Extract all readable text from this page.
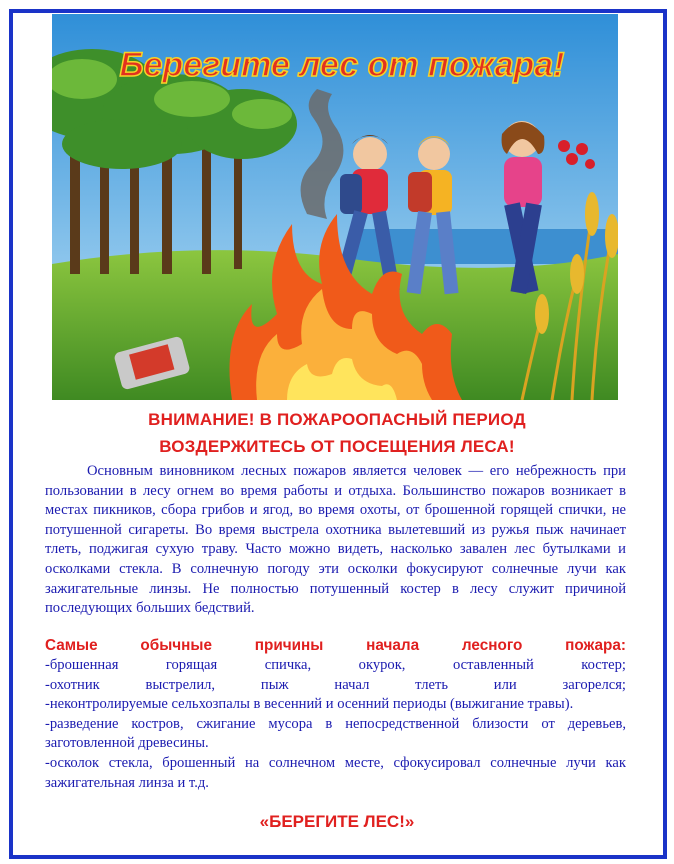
Берегите лес от пожара!
ВНИМАНИЕ! В ПОЖАРООПАСНЫЙ ПЕРИОД
ВОЗДЕРЖИТЕСЬ ОТ ПОСЕЩЕНИЯ ЛЕСА!
Основным виновником лесных пожаров является человек — его небрежность при пользовании в лесу огнем во время работы и отдыха. Большинство пожаров возникает в местах пикников, сбора грибов и ягод, во время охоты, от брошенной горящей спички, не потушенной сигареты. Во время выстрела охотника вылетевший из ружья пыж начинает тлеть, поджигая сухую траву. Часто можно видеть, насколько завален лес бутылками и осколками стекла. В солнечную погоду эти осколки фокусируют солнечные лучи как зажигательные линзы. Не полностью потушенный костер в лесу служит причиной последующих больших бедствий.
Самые обычные причины начала лесного пожара:
-брошенная горящая спичка, окурок, оставленный костер;
-охотник выстрелил, пыж начал тлеть или загорелся;
-неконтролируемые сельхозпалы в весенний и осенний периоды (выжигание травы).
-разведение костров, сжигание мусора в непосредственной близости от деревьев, заготовленной древесины.
-осколок стекла, брошенный на солнечном месте, сфокусировал солнечные лучи как зажигательная линза и т.д.
«БЕРЕГИТЕ ЛЕС!»
